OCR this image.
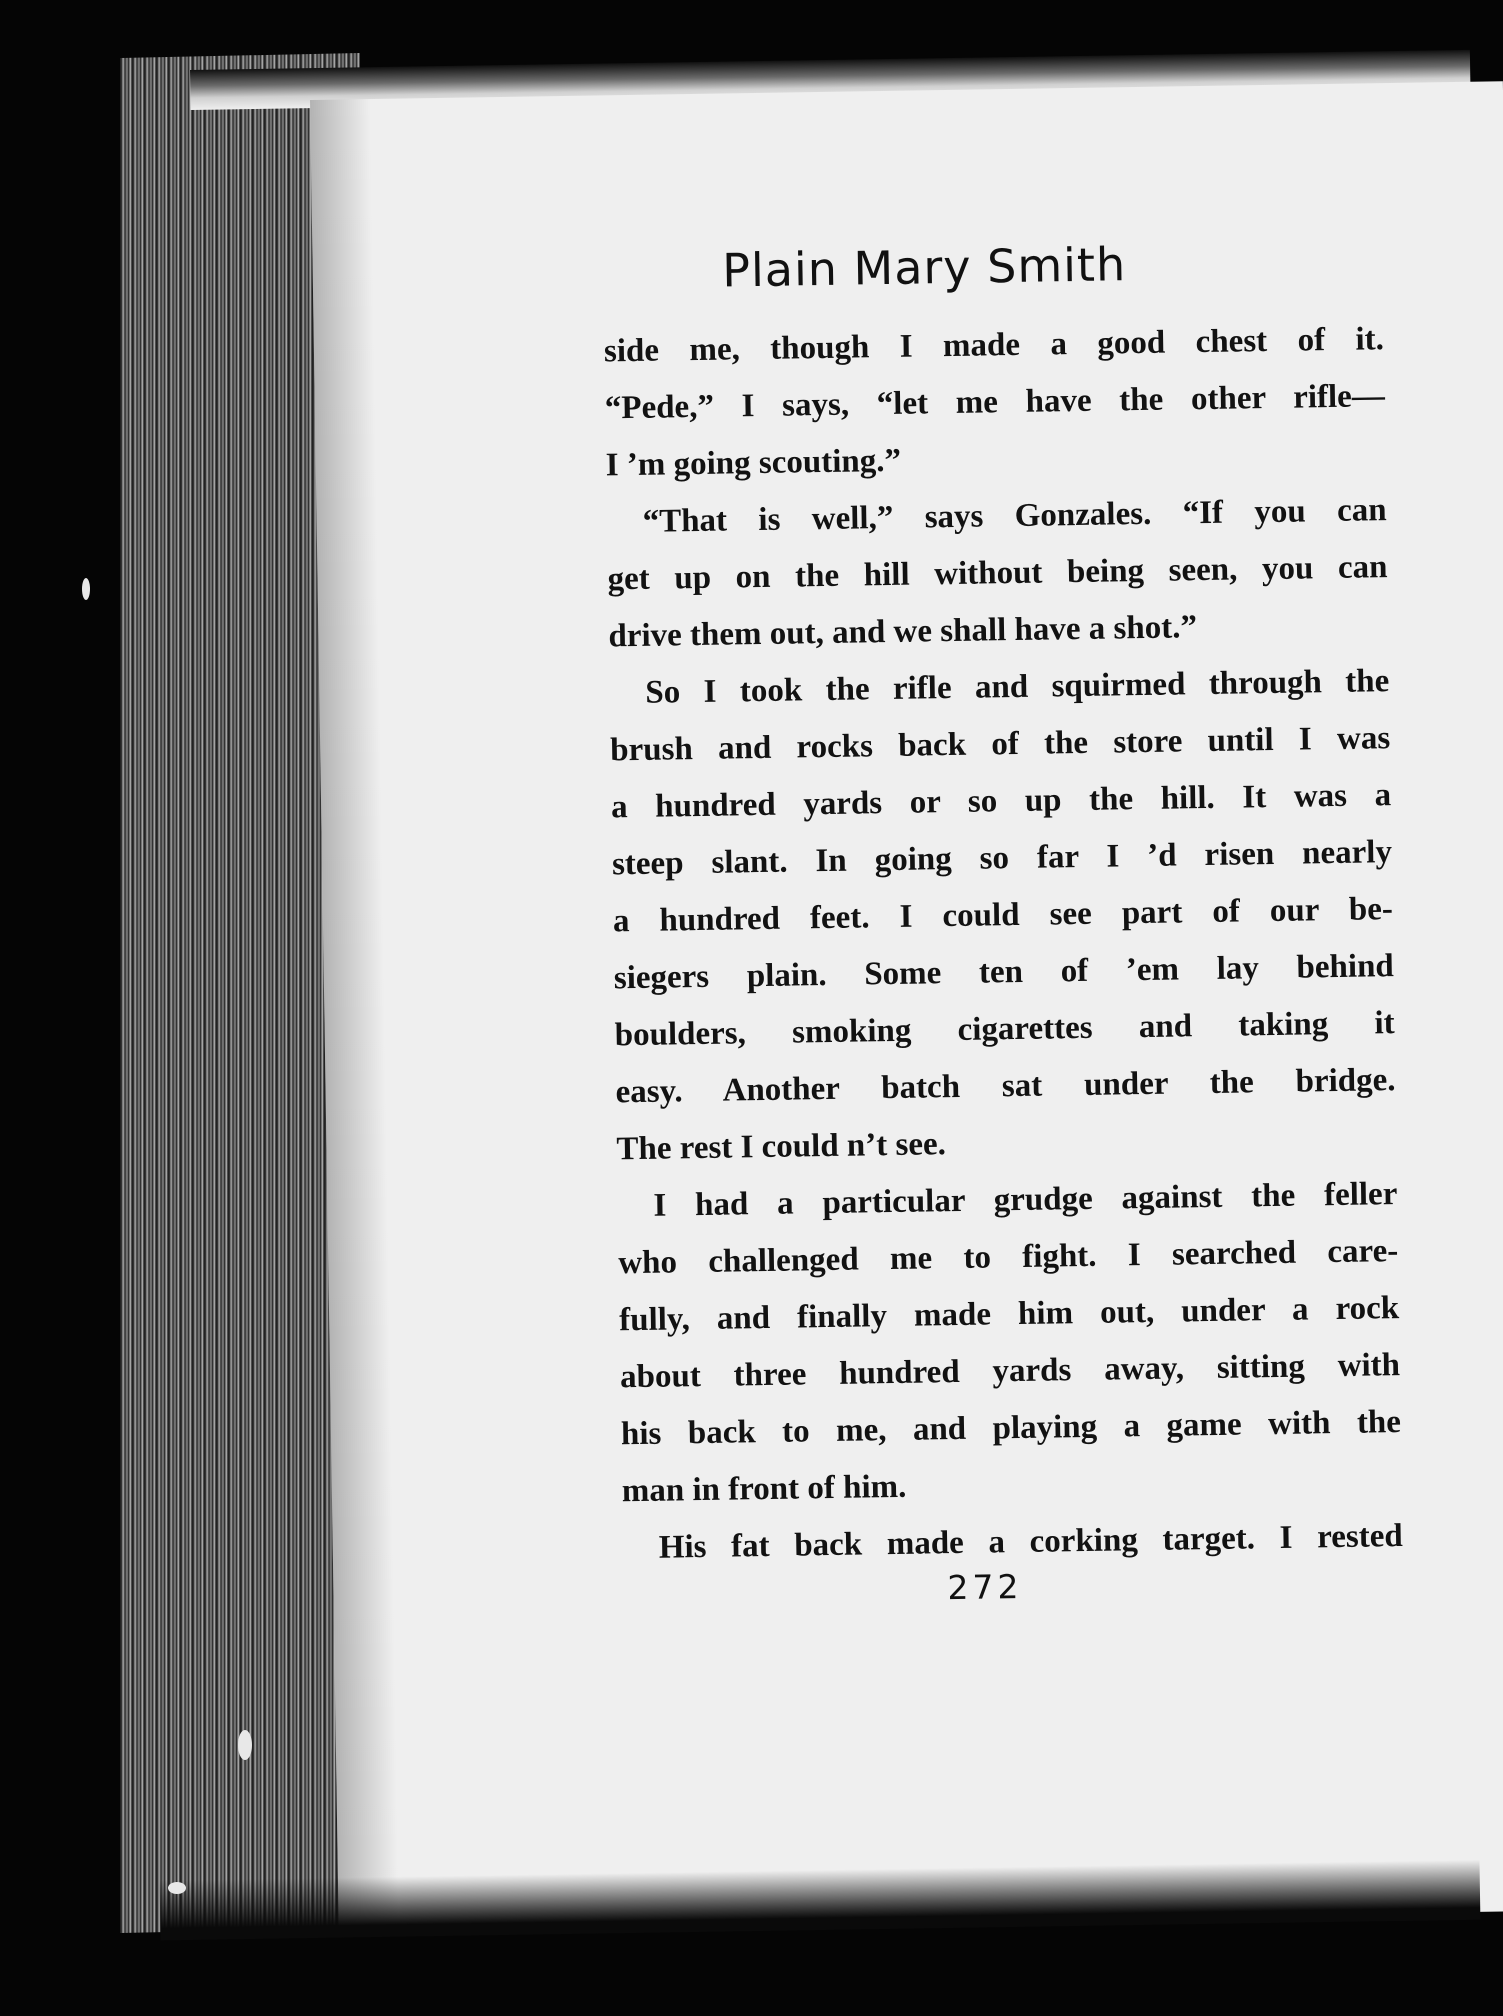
Plain Mary Smith
side me, though I made a good chest of it.
“Pede,” I says, “let me have the other rifle—
I ’m going scouting.”
“That is well,” says Gonzales. “If you can
get up on the hill without being seen, you can
drive them out, and we shall have a shot.”
So I took the rifle and squirmed through the
brush and rocks back of the store until I was
a hundred yards or so up the hill. It was a
steep slant. In going so far I ’d risen nearly
a hundred feet. I could see part of our be-
siegers plain. Some ten of ’em lay behind
boulders, smoking cigarettes and taking it
easy. Another batch sat under the bridge.
The rest I could n’t see.
I had a particular grudge against the feller
who challenged me to fight. I searched care-
fully, and finally made him out, under a rock
about three hundred yards away, sitting with
his back to me, and playing a game with the
man in front of him.
His fat back made a corking target. I rested
272
